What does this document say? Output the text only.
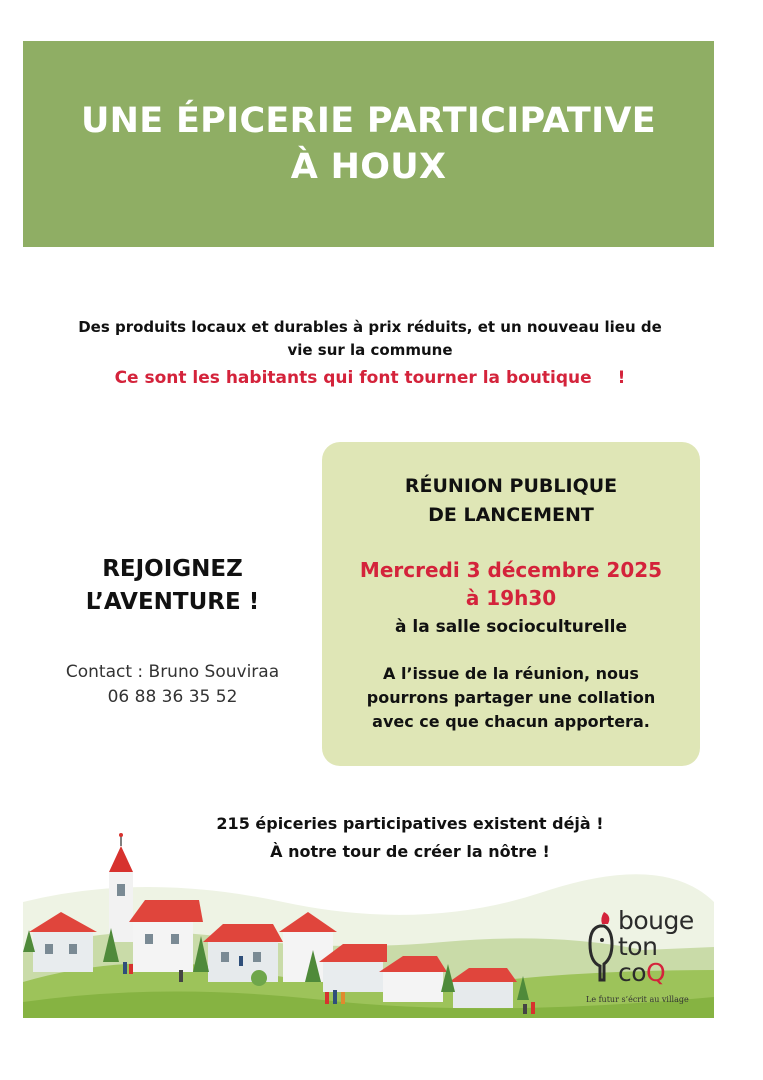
UNE ÉPICERIE PARTICIPATIVE
À HOUX
Des produits locaux et durables à prix réduits, et un nouveau lieu de
vie sur la commune
Ce sont les habitants qui font tourner la boutique !
REJOIGNEZ
L’AVENTURE !
Contact : Bruno Souviraa
06 88 36 35 52
RÉUNION PUBLIQUE
DE LANCEMENT
Mercredi 3 décembre 2025
à 19h30
à la salle socioculturelle
A l’issue de la réunion, nous
pourrons partager une collation
avec ce que chacun apportera.
215 épiceries participatives existent déjà !
À notre tour de créer la nôtre !
bouge
ton
coQ
Le futur s’écrit au village
